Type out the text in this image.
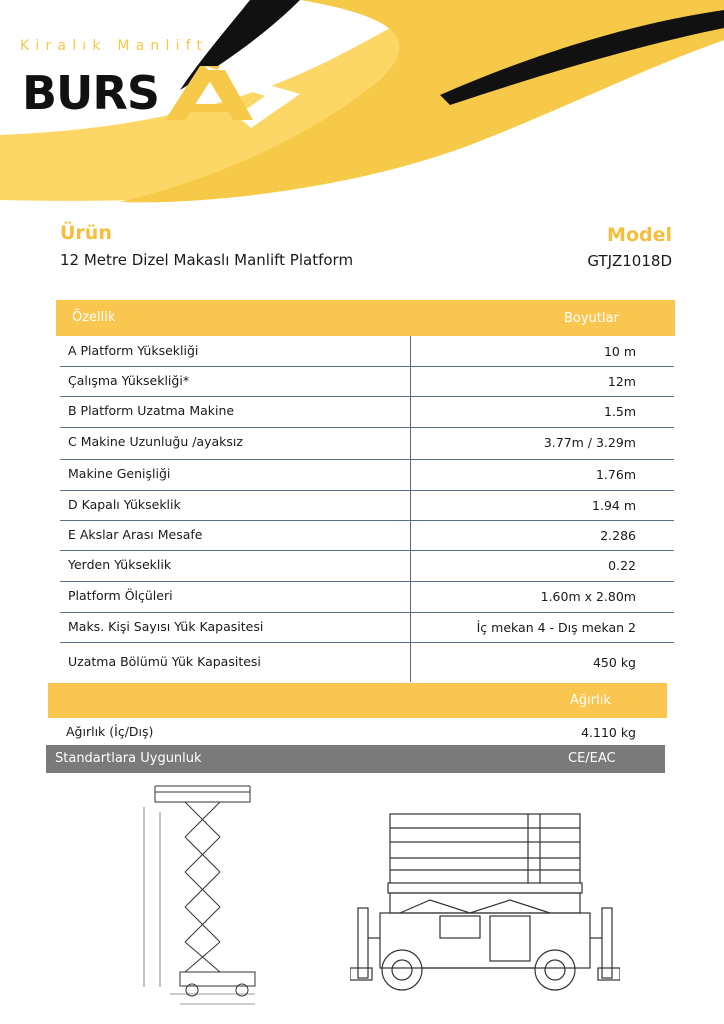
Kiralık Manlift
BURS
Ürün
12 Metre Dizel Makaslı Manlift Platform
Model
GTJZ1018D
Özellik	Boyutlar
A Platform Yüksekliği	10 m
Çalışma Yüksekliği*	12m
B Platform Uzatma Makine	1.5m
C Makine Uzunluğu /ayaksız	3.77m / 3.29m
Makine Genişliği	1.76m
D Kapalı Yükseklik	1.94 m
E Akslar Arası Mesafe	2.286
Yerden Yükseklik	0.22
Platform Ölçüleri	1.60m x 2.80m
Maks. Kişi Sayısı Yük Kapasitesi	İç mekan 4 - Dış mekan 2
Uzatma Bölümü Yük Kapasitesi	450 kg
Ağırlık
Ağırlık (İç/Dış)	4.110 kg
Standartlara Uygunluk	CE/EAC
